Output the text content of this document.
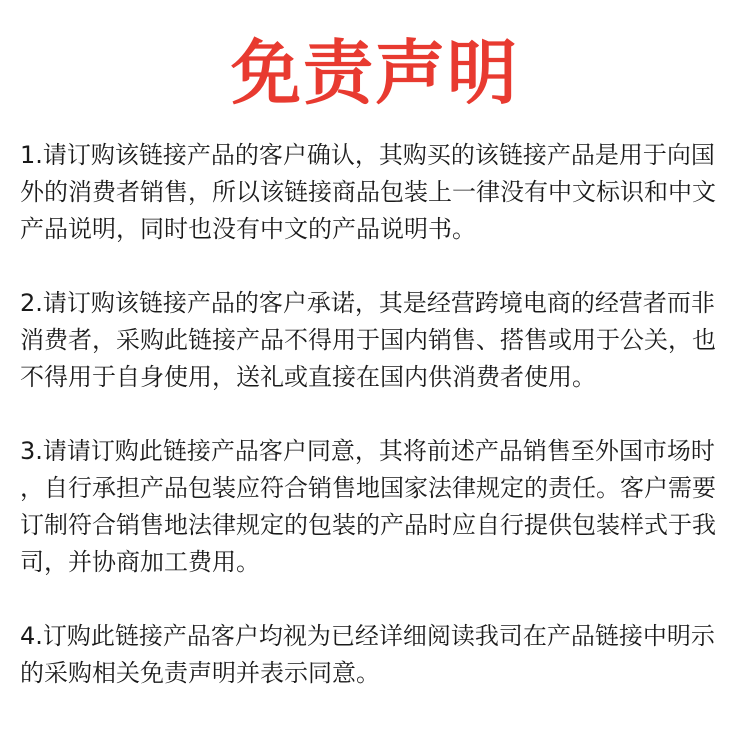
免责声明
1.请订购该链接产品的客户确认，其购买的该链接产品是用于向国
外的消费者销售，所以该链接商品包装上一律没有中文标识和中文
产品说明，同时也没有中文的产品说明书。
2.请订购该链接产品的客户承诺，其是经营跨境电商的经营者而非
消费者，采购此链接产品不得用于国内销售、搭售或用于公关，也
不得用于自身使用，送礼或直接在国内供消费者使用。
3.请请订购此链接产品客户同意，其将前述产品销售至外国市场时
，自行承担产品包装应符合销售地国家法律规定的责任。客户需要
订制符合销售地法律规定的包装的产品时应自行提供包装样式于我
司，并协商加工费用。
4.订购此链接产品客户均视为已经详细阅读我司在产品链接中明示
的采购相关免责声明并表示同意。
